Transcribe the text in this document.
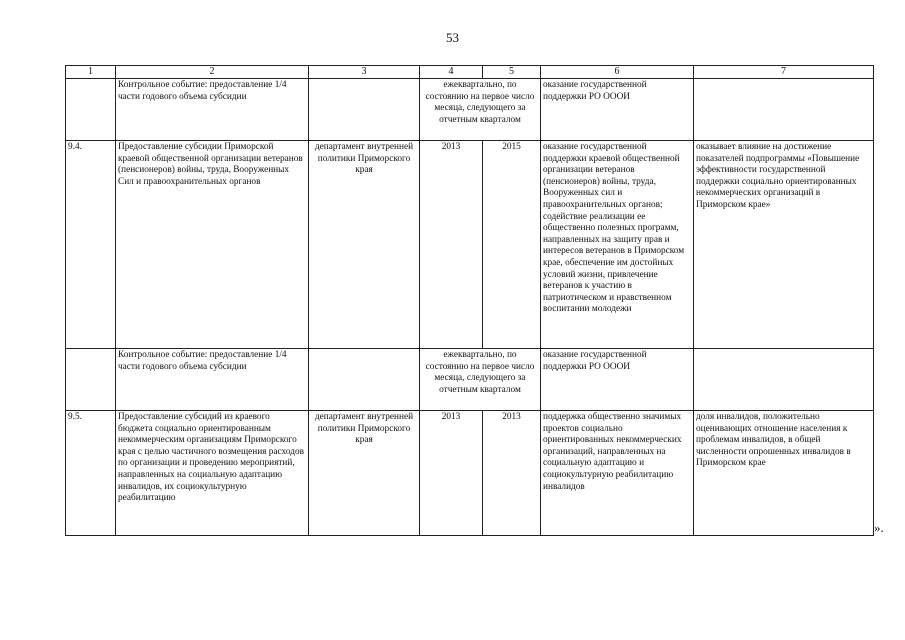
53
1	2	3	4	5	6	7
	Контрольное событие: предоставление 1/4 части годового объема субсидии		ежеквартально, по состоянию на первое число месяца, следующего за отчетным кварталом		оказание государственной поддержки РО ОООИ	
9.4.	Предоставление субсидии Приморской краевой общественной организации ветеранов (пенсионеров) войны, труда, Вооруженных Сил и правоохранительных органов	департамент внутренней политики Приморского края	2013	2015	оказание государственной поддержки краевой общественной организации ветеранов (пенсионеров) войны, труда, Вооруженных сил и правоохранительных органов; содействие реализации ее общественно полезных программ, направленных на защиту прав и интересов ветеранов в Приморском крае, обеспечение им достойных условий жизни, привлечение ветеранов к участию в патриотическом и нравственном воспитании молодежи	оказывает влияние на достижение показателей подпрограммы «Повышение эффективности государственной поддержки социально ориентированных некоммерческих организаций в Приморском крае»
	Контрольное событие: предоставление 1/4 части годового объема субсидии		ежеквартально, по состоянию на первое число месяца, следующего за отчетным кварталом		оказание государственной поддержки РО ОООИ	
9.5.	Предоставление субсидий из краевого бюджета социально ориентированным некоммерческим организациям Приморского края с целью частичного возмещения расходов по организации и проведению мероприятий, направленных на социальную адаптацию инвалидов, их социокультурную реабилитацию	департамент внутренней политики Приморского края	2013	2013	поддержка общественно значимых проектов социально ориентированных некоммерческих организаций, направленных на социальную адаптацию и социокультурную реабилитацию инвалидов	доля инвалидов, положительно оценивающих отношение населения к проблемам инвалидов, в общей численности опрошенных инвалидов в Приморском крае
».
